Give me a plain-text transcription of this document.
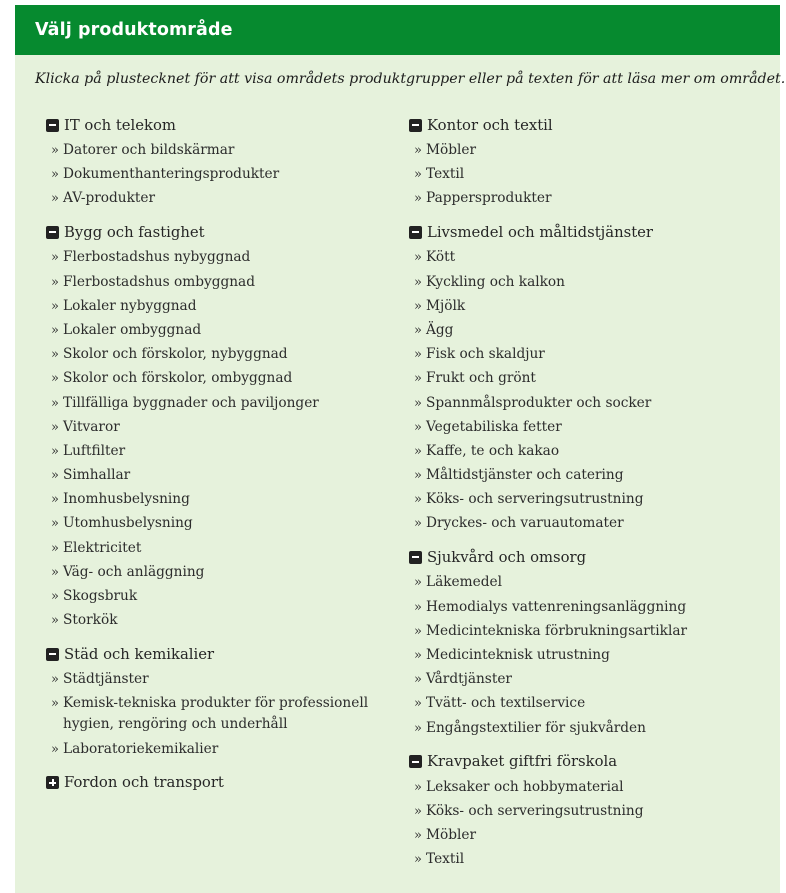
Välj produktområde
Klicka på plustecknet för att visa områdets produktgrupper eller på texten för att läsa mer om området.
IT och telekom
» Datorer och bildskärmar
» Dokumenthanteringsprodukter
» AV-produkter
Bygg och fastighet
» Flerbostadshus nybyggnad
» Flerbostadshus ombyggnad
» Lokaler nybyggnad
» Lokaler ombyggnad
» Skolor och förskolor, nybyggnad
» Skolor och förskolor, ombyggnad
» Tillfälliga byggnader och paviljonger
» Vitvaror
» Luftfilter
» Simhallar
» Inomhusbelysning
» Utomhusbelysning
» Elektricitet
» Väg- och anläggning
» Skogsbruk
» Storkök
Städ och kemikalier
» Städtjänster
» Kemisk-tekniska produkter för professionell hygien, rengöring och underhåll
» Laboratoriekemikalier
Fordon och transport
Kontor och textil
» Möbler
» Textil
» Pappersprodukter
Livsmedel och måltidstjänster
» Kött
» Kyckling och kalkon
» Mjölk
» Ägg
» Fisk och skaldjur
» Frukt och grönt
» Spannmålsprodukter och socker
» Vegetabiliska fetter
» Kaffe, te och kakao
» Måltidstjänster och catering
» Köks- och serveringsutrustning
» Dryckes- och varuautomater
Sjukvård och omsorg
» Läkemedel
» Hemodialys vattenreningsanläggning
» Medicintekniska förbrukningsartiklar
» Medicinteknisk utrustning
» Vårdtjänster
» Tvätt- och textilservice
» Engångstextilier för sjukvården
Kravpaket giftfri förskola
» Leksaker och hobbymaterial
» Köks- och serveringsutrustning
» Möbler
» Textil
